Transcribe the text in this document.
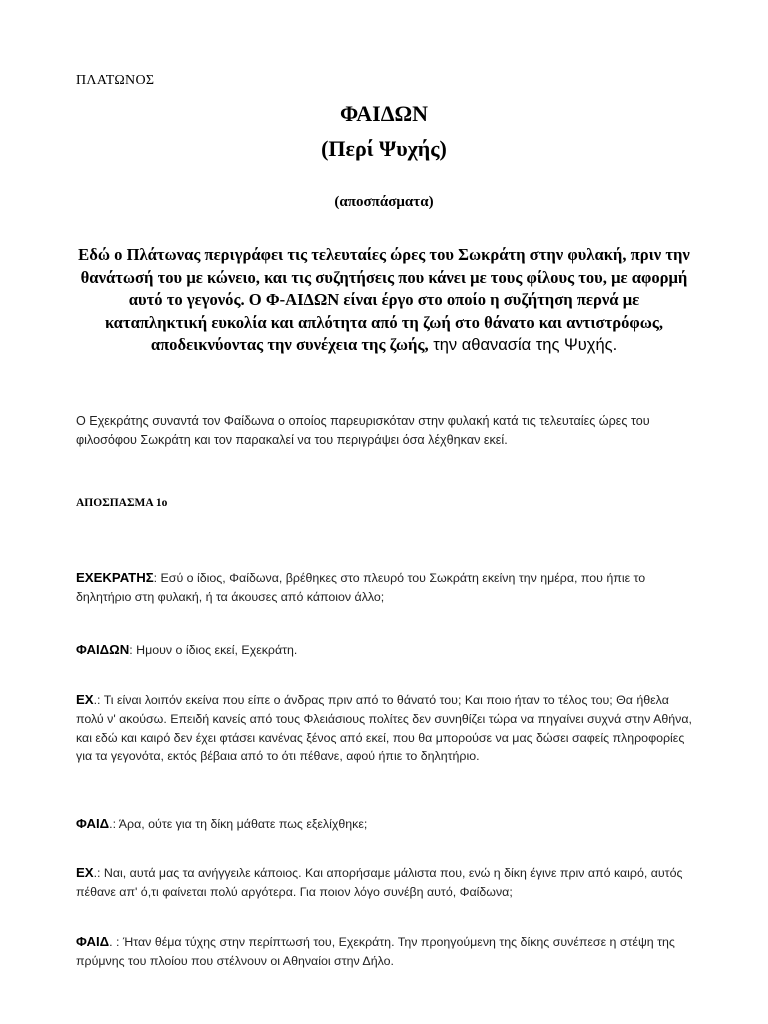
ΠΛΑΤΩΝΟΣ
ΦΑΙΔΩΝ
(Περί Ψυχής)
(αποσπάσματα)
Εδώ ο Πλάτωνας περιγράφει τις τελευταίες ώρες του Σωκράτη στην φυλακή, πριν την θανάτωσή του με κώνειο, και τις συζητήσεις που κάνει με τους φίλους του, με αφορμή αυτό το γεγονός. Ο Φ-ΑΙΔΩΝ είναι έργο στο οποίο η συζήτηση περνά με καταπληκτική ευκολία και απλότητα από τη ζωή στο θάνατο και αντιστρόφως, αποδεικνύοντας την συνέχεια της ζωής, την αθανασία της Ψυχής.
Ο Εχεκράτης συναντά τον Φαίδωνα ο οποίος παρευρισκόταν στην φυλακή κατά τις τελευταίες ώρες του φιλοσόφου Σωκράτη και τον παρακαλεί να του περιγράψει όσα λέχθηκαν εκεί.
ΑΠΟΣΠΑΣΜΑ 1ο
ΕΧΕΚΡΑΤΗΣ: Εσύ ο ίδιος, Φαίδωνα, βρέθηκες στο πλευρό του Σωκράτη εκείνη την ημέρα, που ήπιε το δηλητήριο στη φυλακή, ή τα άκουσες από κάποιον άλλο;
ΦΑΙΔΩΝ: Ημουν ο ίδιος εκεί, Εχεκράτη.
ΕΧ.: Τι είναι λοιπόν εκείνα που είπε ο άνδρας πριν από το θάνατό του; Και ποιο ήταν το τέλος του; Θα ήθελα πολύ ν' ακούσω. Επειδή κανείς από τους Φλειάσιους πολίτες δεν συνηθίζει τώρα να πηγαίνει συχνά στην Αθήνα, και εδώ και καιρό δεν έχει φτάσει κανένας ξένος από εκεί, που θα μπορούσε να μας δώσει σαφείς πληροφορίες για τα γεγονότα, εκτός βέβαια από το ότι πέθανε, αφού ήπιε το δηλητήριο.
ΦΑΙΔ.: Άρα, ούτε για τη δίκη μάθατε πως εξελίχθηκε;
ΕΧ.: Ναι, αυτά μας τα ανήγγειλε κάποιος. Και απορήσαμε μάλιστα που, ενώ η δίκη έγινε πριν από καιρό, αυτός πέθανε απ' ό,τι φαίνεται πολύ αργότερα. Για ποιον λόγο συνέβη αυτό, Φαίδωνα;
ΦΑΙΔ. : Ήταν θέμα τύχης στην περίπτωσή του, Εχεκράτη. Την προηγούμενη της δίκης συνέπεσε η στέψη της πρύμνης του πλοίου που στέλνουν οι Αθηναίοι στην Δήλο.
